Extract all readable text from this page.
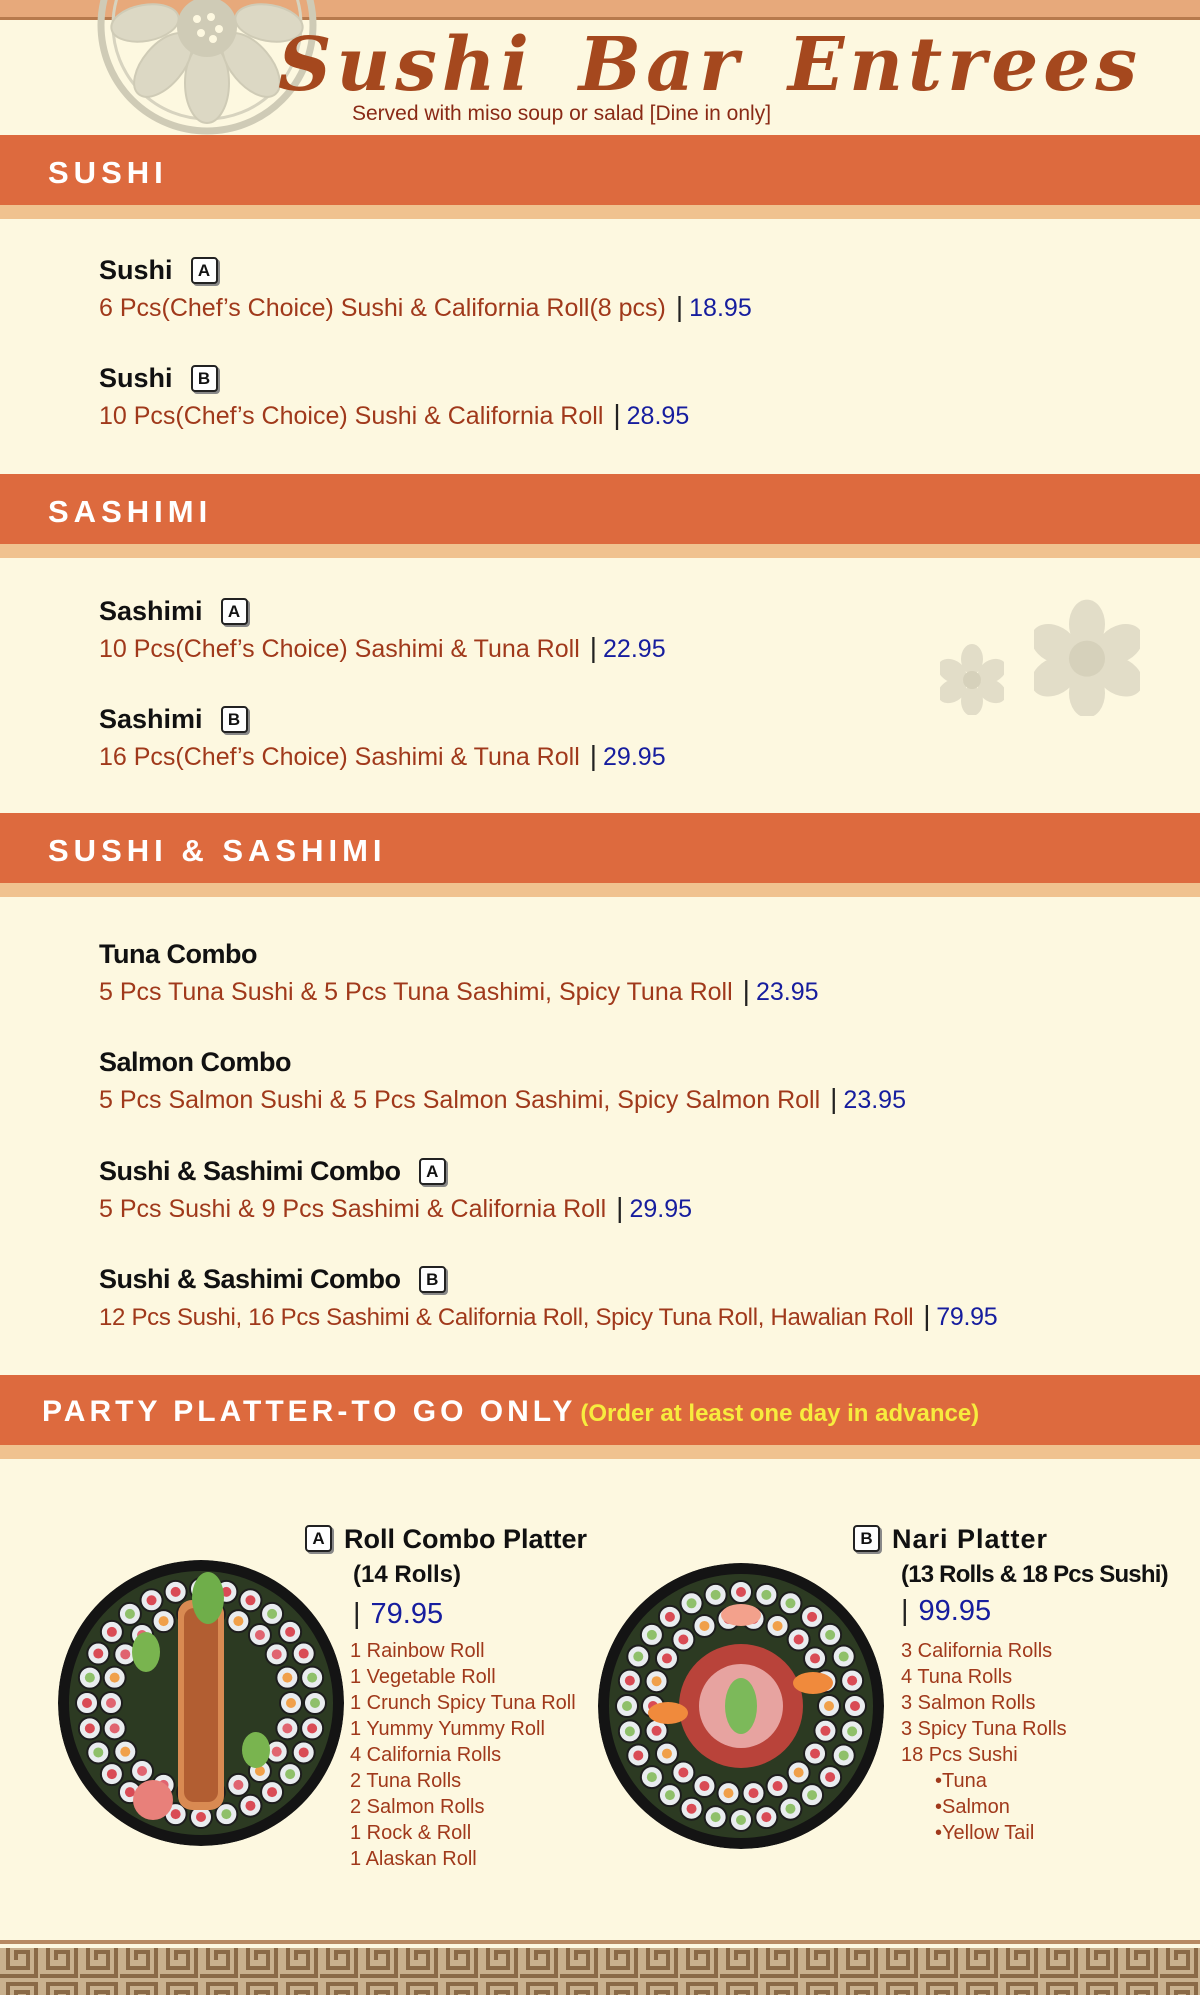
Sushi Bar Entrees
Served with miso soup or salad [Dine in only]
SUSHI
Sushi	A
6 Pcs(Chef’s Choice) Sushi & California Roll(8 pcs) | 18.95
Sushi	B
10 Pcs(Chef’s Choice) Sushi & California Roll | 28.95
SASHIMI
Sashimi	A
10 Pcs(Chef’s Choice) Sashimi & Tuna Roll | 22.95
Sashimi	B
16 Pcs(Chef’s Choice) Sashimi & Tuna Roll | 29.95
SUSHI & SASHIMI
Tuna Combo
5 Pcs Tuna Sushi & 5 Pcs Tuna Sashimi, Spicy Tuna Roll | 23.95
Salmon Combo
5 Pcs Salmon Sushi & 5 Pcs Salmon Sashimi, Spicy Salmon Roll | 23.95
Sushi & Sashimi Combo	A
5 Pcs Sushi & 9 Pcs Sashimi & California Roll | 29.95
Sushi & Sashimi Combo	B
12 Pcs Sushi, 16 Pcs Sashimi & California Roll, Spicy Tuna Roll, Hawalian Roll | 79.95
PARTY PLATTER-TO GO ONLY (Order at least one day in advance)
A Roll Combo Platter
(14 Rolls)
| 79.95
1 Rainbow Roll
1 Vegetable Roll
1 Crunch Spicy Tuna Roll
1 Yummy Yummy Roll
4 California Rolls
2 Tuna Rolls
2 Salmon Rolls
1 Rock & Roll
1 Alaskan Roll
B Nari Platter
(13 Rolls & 18 Pcs Sushi)
| 99.95
3 California Rolls
4 Tuna Rolls
3 Salmon Rolls
3 Spicy Tuna Rolls
18 Pcs Sushi
•Tuna
•Salmon
•Yellow Tail
